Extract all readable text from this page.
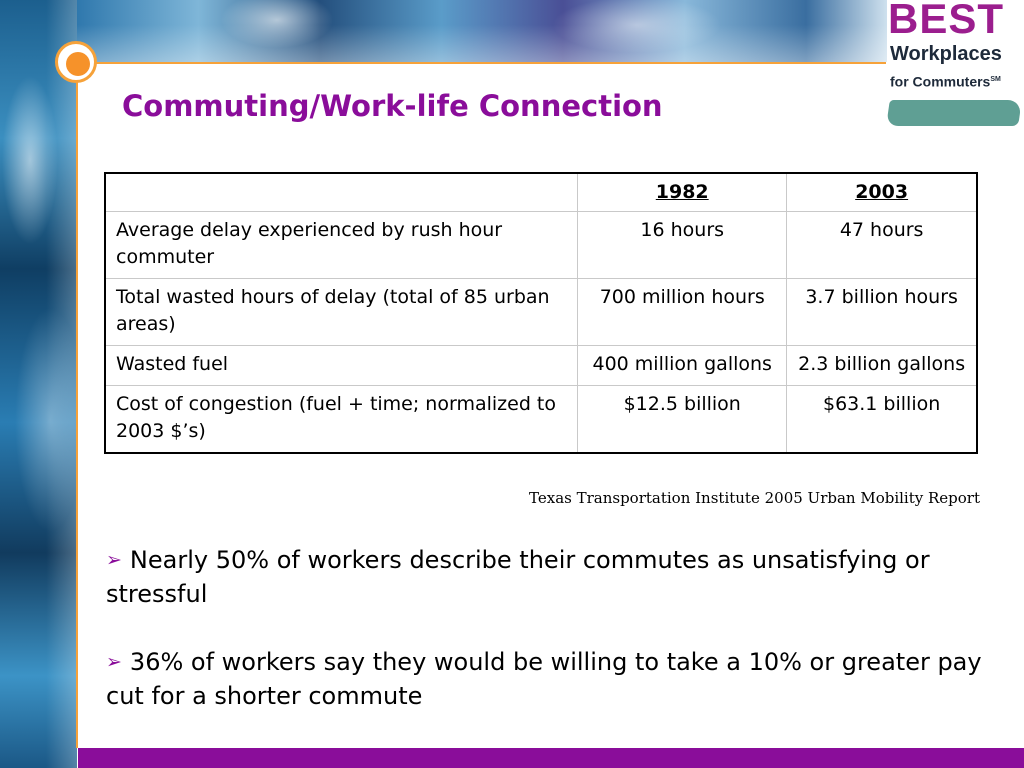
BEST
Workplaces
for Commuters℠
Commuting/Work-life Connection
	1982	2003
Average delay experienced by rush hour commuter	16 hours	47 hours
Total wasted hours of delay (total of 85 urban areas)	700 million hours	3.7 billion hours
Wasted fuel	400 million gallons	2.3 billion gallons
Cost of congestion (fuel + time; normalized to 2003 $’s)	$12.5 billion	$63.1 billion
Texas Transportation Institute 2005 Urban Mobility Report

➢ Nearly 50% of workers describe their commutes as unsatisfying or stressful

➢ 36% of workers say they would be willing to take a 10% or greater pay cut for a shorter commute
